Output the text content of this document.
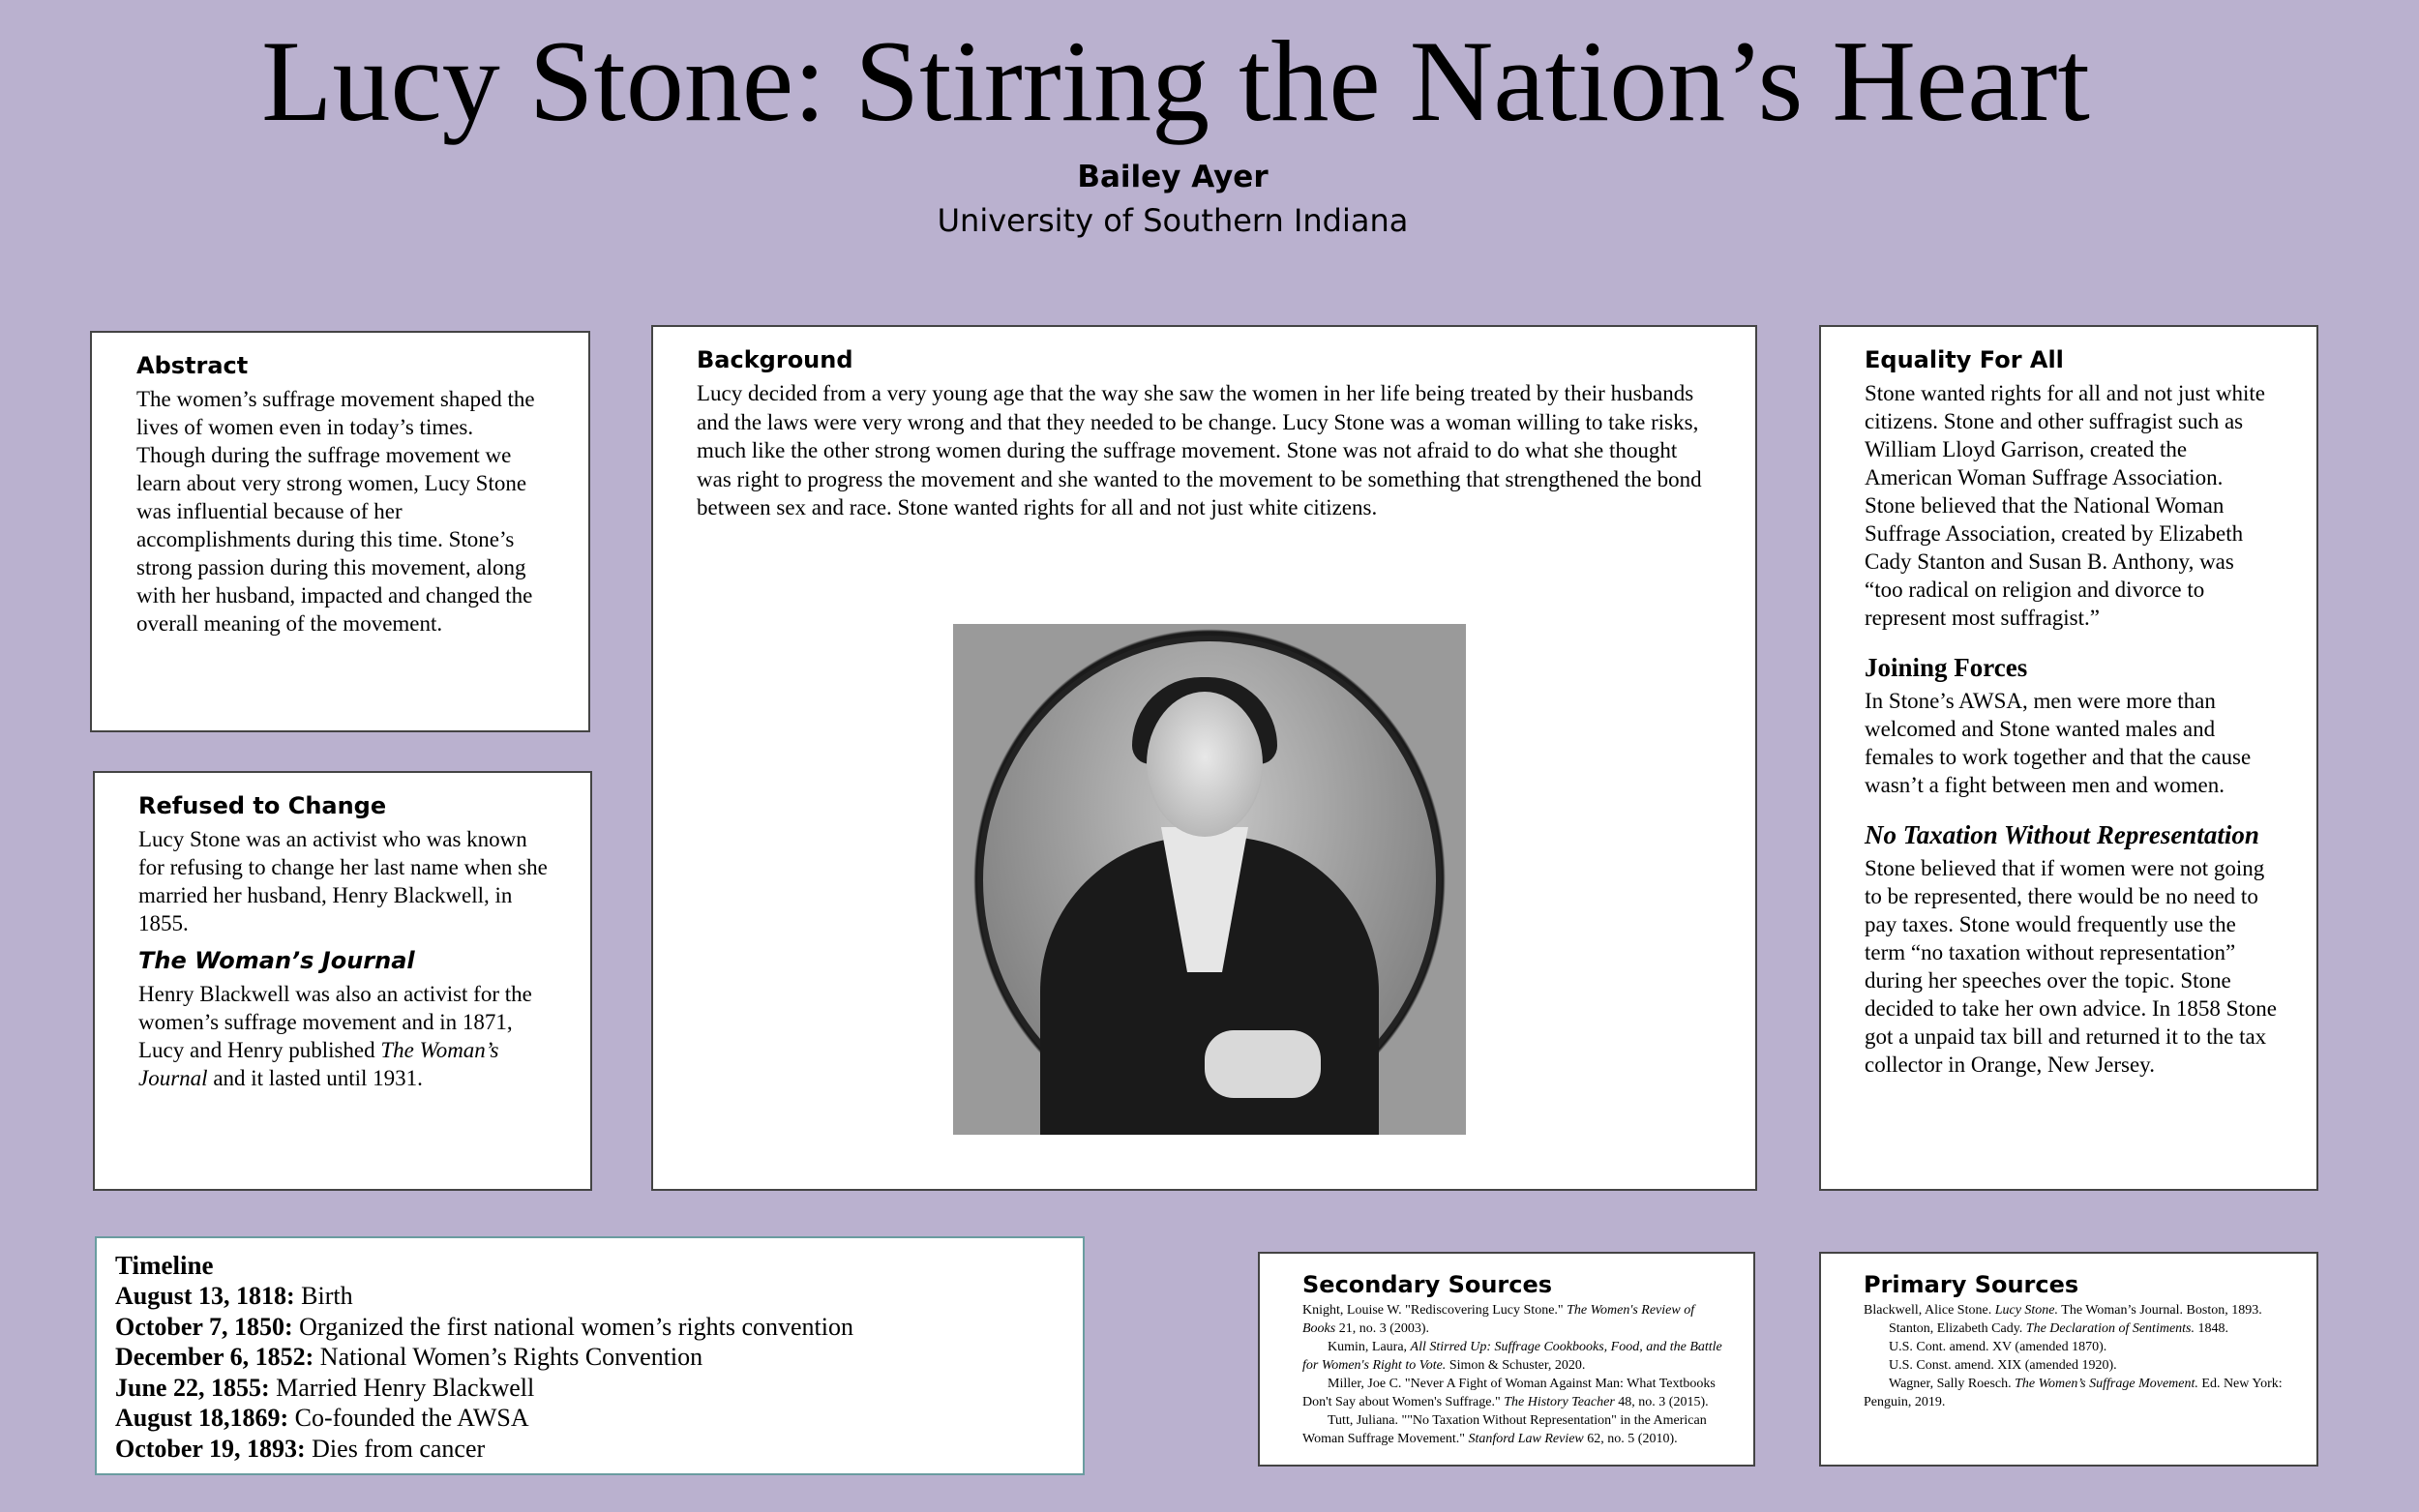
Lucy Stone: Stirring the Nation’s Heart
Bailey Ayer
University of Southern Indiana
Abstract

The women’s suffrage movement shaped the lives of women even in today’s times. Though during the suffrage movement we learn about very strong women, Lucy Stone was influential because of her accomplishments during this time. Stone’s strong passion during this movement, along with her husband, impacted and changed the overall meaning of the movement.

Refused to Change

Lucy Stone was an activist who was known for refusing to change her last name when she married her husband, Henry Blackwell, in 1855.

The Woman’s Journal

Henry Blackwell was also an activist for the women’s suffrage movement and in 1871, Lucy and Henry published The Woman’s Journal and it lasted until 1931.

Background

Lucy decided from a very young age that the way she saw the women in her life being treated by their husbands and the laws were very wrong and that they needed to be change. Lucy Stone was a woman willing to take risks, much like the other strong women during the suffrage movement. Stone was not afraid to do what she thought was right to progress the movement and she wanted to the movement to be something that strengthened the bond between sex and race. Stone wanted rights for all and not just white citizens.

Equality For All

Stone wanted rights for all and not just white citizens. Stone and other suffragist such as William Lloyd Garrison, created the American Woman Suffrage Association. Stone believed that the National Woman Suffrage Association, created by Elizabeth Cady Stanton and Susan B. Anthony, was “too radical on religion and divorce to represent most suffragist.”

Joining Forces

In Stone’s AWSA, men were more than welcomed and Stone wanted males and females to work together and that the cause wasn’t a fight between men and women.

No Taxation Without Representation

Stone believed that if women were not going to be represented, there would be no need to pay taxes. Stone would frequently use the term “no taxation without representation” during her speeches over the topic. Stone decided to take her own advice. In 1858 Stone got a unpaid tax bill and returned it to the tax collector in Orange, New Jersey.

Timeline
August 13, 1818: Birth
October 7, 1850: Organized the first national women’s rights convention
December 6, 1852: National Women’s Rights Convention
June 22, 1855: Married Henry Blackwell
August 18,1869: Co-founded the AWSA
October 19, 1893: Dies from cancer
Secondary Sources

Knight, Louise W. "Rediscovering Lucy Stone." The Women's Review of Books 21, no. 3 (2003).

Kumin, Laura, All Stirred Up: Suffrage Cookbooks, Food, and the Battle for Women's Right to Vote. Simon & Schuster, 2020.

Miller, Joe C. "Never A Fight of Woman Against Man: What Textbooks Don't Say about Women's Suffrage." The History Teacher 48, no. 3 (2015).

Tutt, Juliana. ""No Taxation Without Representation" in the American Woman Suffrage Movement." Stanford Law Review 62, no. 5 (2010).

Primary Sources

Blackwell, Alice Stone. Lucy Stone. The Woman’s Journal. Boston, 1893.

Stanton, Elizabeth Cady. The Declaration of Sentiments. 1848.

U.S. Cont. amend. XV (amended 1870).

U.S. Const. amend. XIX (amended 1920).

Wagner, Sally Roesch. The Women’s Suffrage Movement. Ed. New York: Penguin, 2019.
